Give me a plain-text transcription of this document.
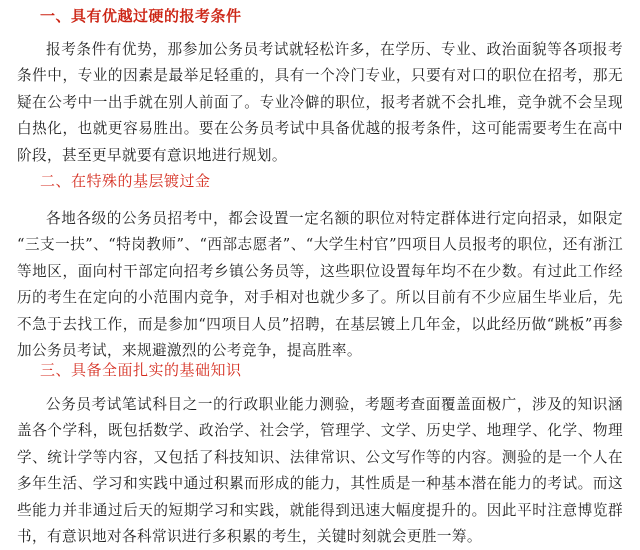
一、具有优越过硬的报考条件

报考条件有优势，那参加公务员考试就轻松许多，在学历、专业、政治面貌等各项报考条件中，专业的因素是最举足轻重的，具有一个冷门专业，只要有对口的职位在招考，那无疑在公考中一出手就在别人前面了。专业冷僻的职位，报考者就不会扎堆，竞争就不会呈现白热化，也就更容易胜出。要在公务员考试中具备优越的报考条件，这可能需要考生在高中阶段，甚至更早就要有意识地进行规划。

二、在特殊的基层镀过金

各地各级的公务员招考中，都会设置一定名额的职位对特定群体进行定向招录，如限定 “三支一扶”、“特岗教师”、“西部志愿者”、“大学生村官”四项目人员报考的职位，还有浙江等地区，面向村干部定向招考乡镇公务员等，这些职位设置每年均不在少数。有过此工作经历的考生在定向的小范围内竞争，对手相对也就少多了。所以目前有不少应届生毕业后，先不急于去找工作，而是参加“四项目人员”招聘，在基层镀上几年金，以此经历做“跳板”再参加公务员考试，来规避激烈的公考竞争，提高胜率。

三、具备全面扎实的基础知识

公务员考试笔试科目之一的行政职业能力测验，考题考查面覆盖面极广，涉及的知识涵盖各个学科，既包括数学、政治学、社会学，管理学、文学、历史学、地理学、化学、物理学、统计学等内容，又包括了科技知识、法律常识、公文写作等的内容。测验的是一个人在多年生活、学习和实践中通过积累而形成的能力，其性质是一种基本潜在能力的考试。而这些能力并非通过后天的短期学习和实践，就能得到迅速大幅度提升的。因此平时注意博览群书，有意识地对各科常识进行多积累的考生，关键时刻就会更胜一筹。
